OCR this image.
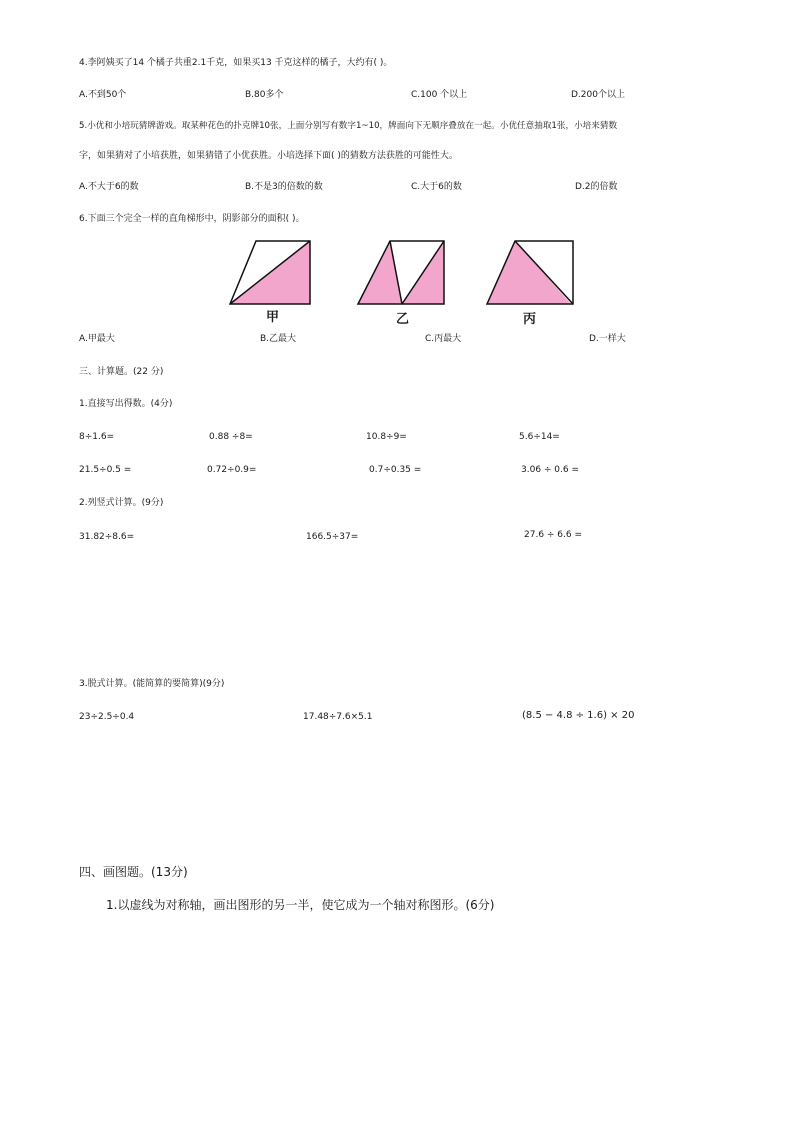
4.李阿姨买了14 个橘子共重2.1千克，如果买13 千克这样的橘子，大约有( )。
A.不到50个	B.80多个	C.100 个以上	D.200个以上
5.小优和小培玩猜牌游戏。取某种花色的扑克牌10张，上面分别写有数字1~10，牌面向下无顺序叠放在一起。小优任意抽取1张，小培来猜数
字，如果猜对了小培获胜，如果猜错了小优获胜。小培选择下面( )的猜数方法获胜的可能性大。
A.不大于6的数	B.不是3的倍数的数	C.大于6的数	D.2的倍数
6.下面三个完全一样的直角梯形中，阴影部分的面积( )。
甲	乙	丙
A.甲最大	B.乙最大	C.丙最大	D.一样大
三、计算题。(22 分)
1.直接写出得数。(4分)
8÷1.6=	0.88 ÷8=	10.8÷9=	5.6÷14=
21.5÷0.5 =	0.72÷0.9=	0.7÷0.35 =	3.06 ÷ 0.6 =
2.列竖式计算。(9分)
31.82÷8.6=	166.5÷37=	27.6 ÷ 6.6 =
3.脱式计算。(能简算的要简算)(9分)
23÷2.5÷0.4	17.48÷7.6×5.1	(8.5 − 4.8 ÷ 1.6) × 20
四、画图题。(13分)
1.以虚线为对称轴，画出图形的另一半，使它成为一个轴对称图形。(6分)
